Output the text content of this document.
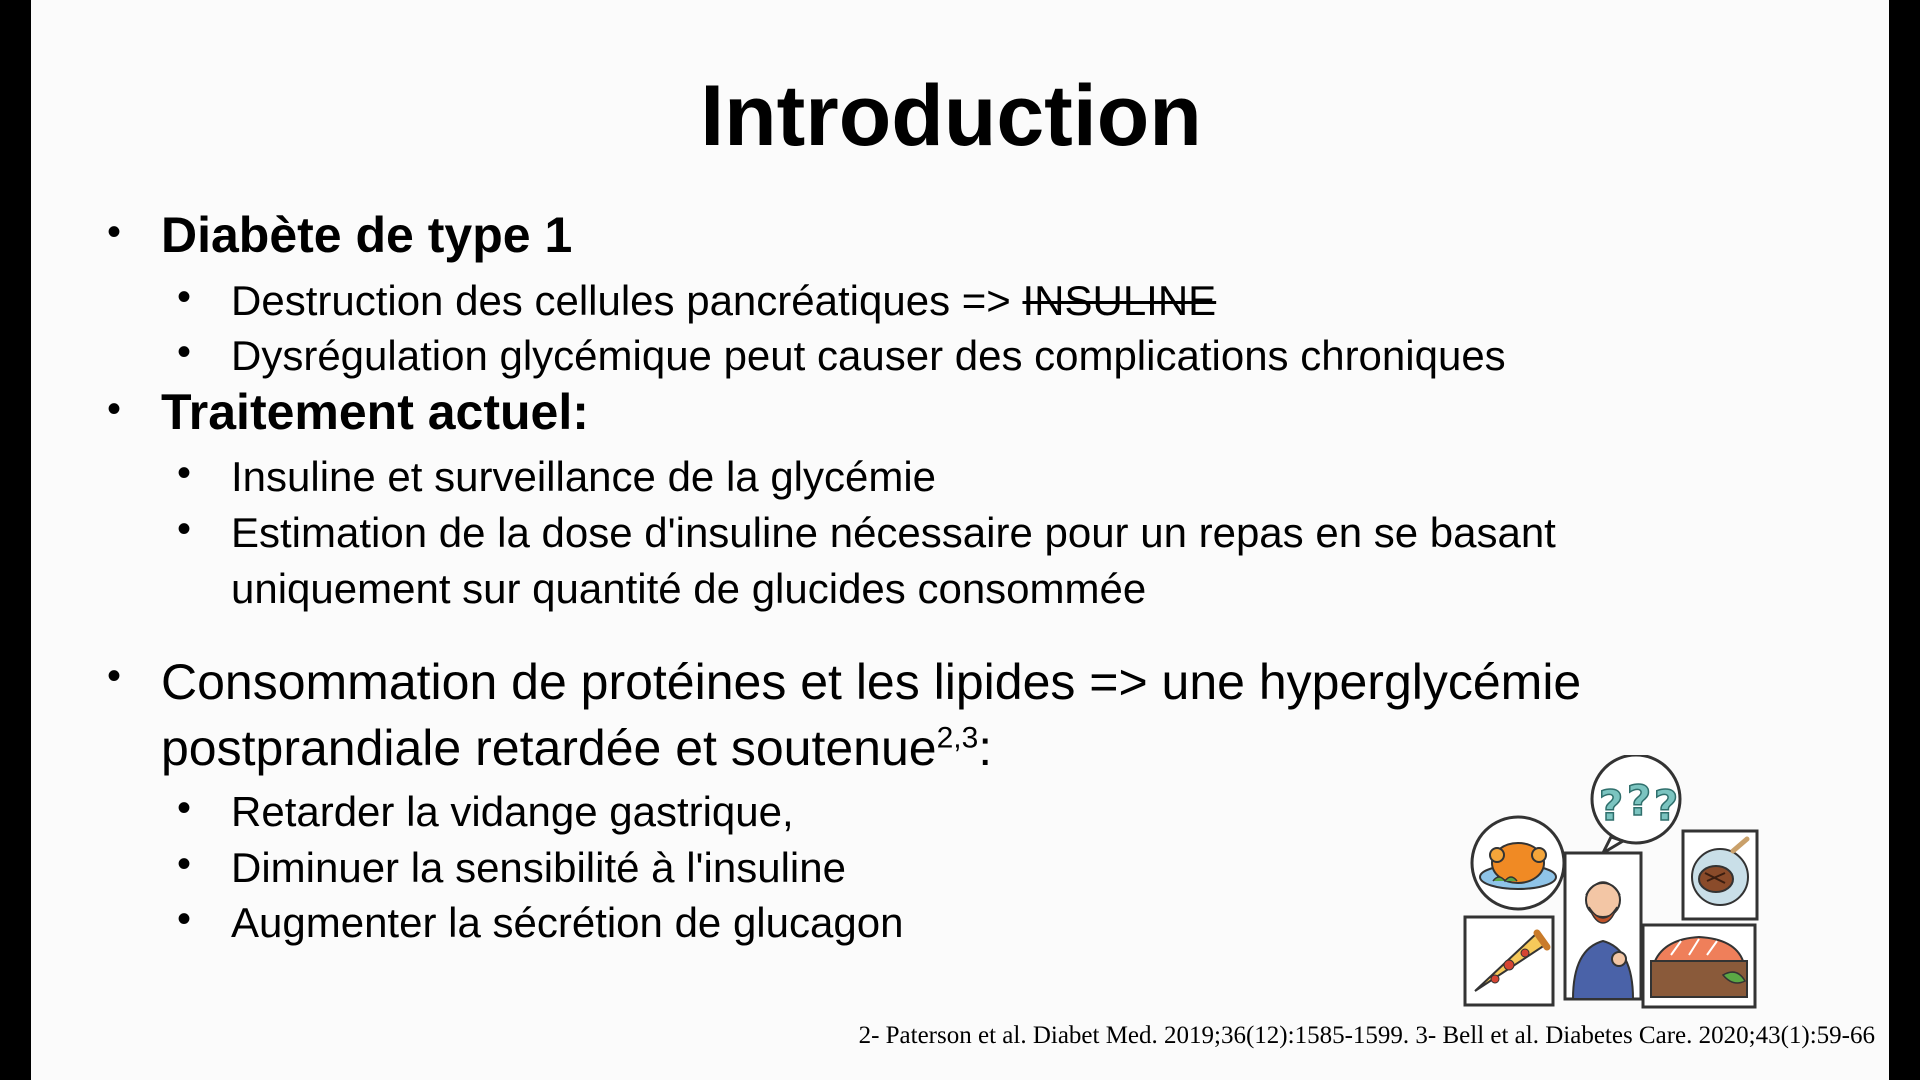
Introduction
• Diabète de type 1
• Destruction des cellules pancréatiques => INSULINE
• Dysrégulation glycémique peut causer des complications chroniques
• Traitement actuel:
• Insuline et surveillance de la glycémie
• Estimation de la dose d'insuline nécessaire pour un repas en se basant
uniquement sur quantité de glucides consommée
• Consommation de protéines et les lipides => une hyperglycémie
postprandiale retardée et soutenue$^{2,3}$:
• Retarder la vidange gastrique,
• Diminuer la sensibilité à l'insuline
• Augmenter la sécrétion de glucagon
? ? ?
2- Paterson et al. Diabet Med. 2019;36(12):1585-1599. 3- Bell et al. Diabetes Care. 2020;43(1):59-66
